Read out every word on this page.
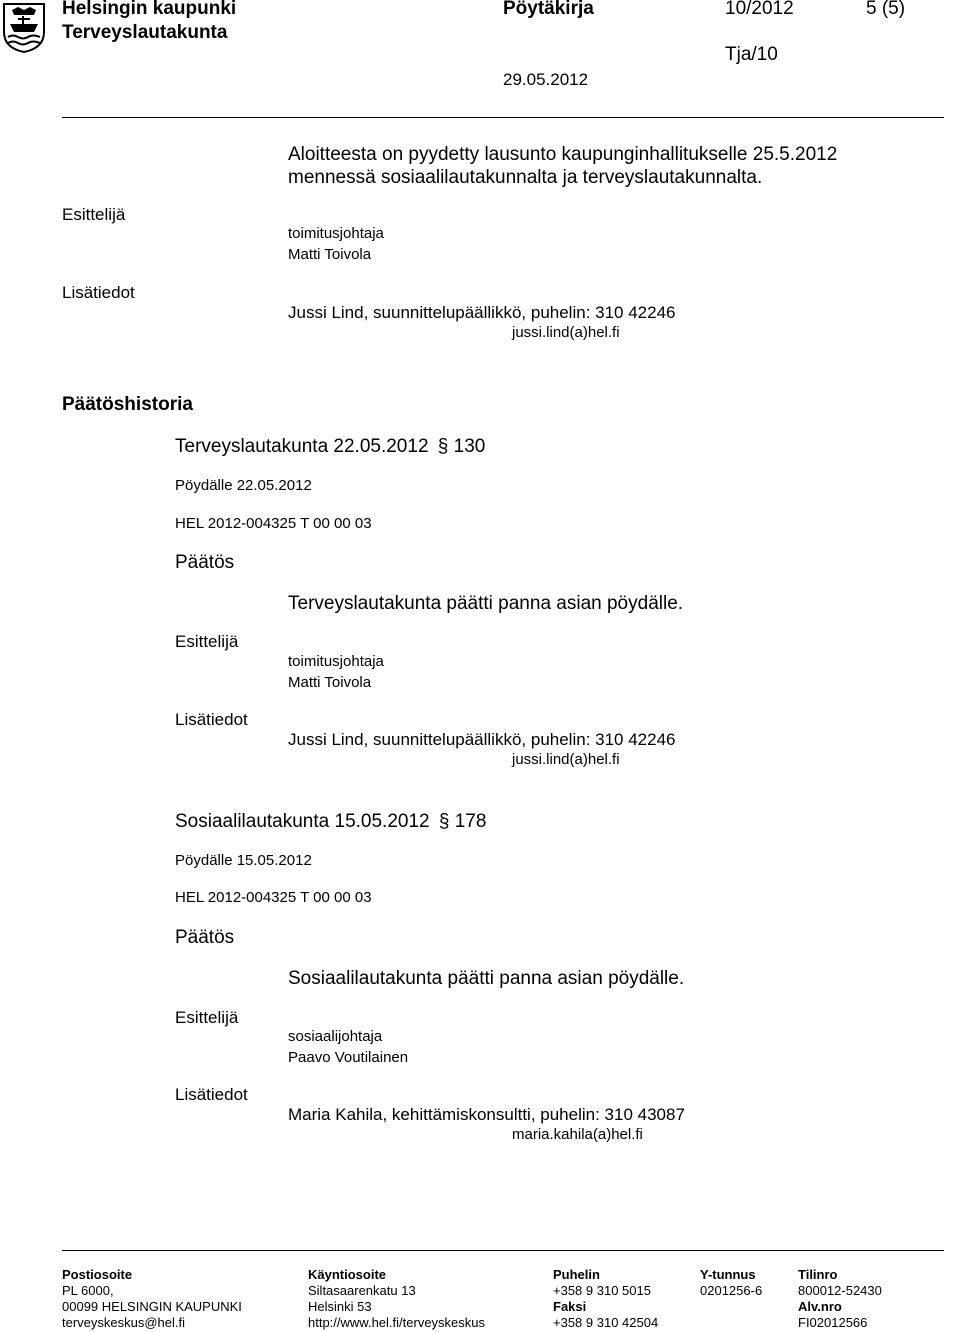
Helsingin kaupunki
Terveyslautakunta
Pöytäkirja	10/2012	5 (5)
Tja/10
29.05.2012
Aloitteesta on pyydetty lausunto kaupunginhallitukselle 25.5.2012
mennessä sosiaalilautakunnalta ja terveyslautakunnalta.
Esittelijä
toimitusjohtaja
Matti Toivola
Lisätiedot
Jussi Lind, suunnittelupäällikkö, puhelin: 310 42246
jussi.lind(a)hel.fi
Päätöshistoria
Terveyslautakunta 22.05.2012 § 130
Pöydälle 22.05.2012
HEL 2012-004325 T 00 00 03
Päätös
Terveyslautakunta päätti panna asian pöydälle.
Esittelijä
toimitusjohtaja
Matti Toivola
Lisätiedot
Jussi Lind, suunnittelupäällikkö, puhelin: 310 42246
jussi.lind(a)hel.fi
Sosiaalilautakunta 15.05.2012 § 178
Pöydälle 15.05.2012
HEL 2012-004325 T 00 00 03
Päätös
Sosiaalilautakunta päätti panna asian pöydälle.
Esittelijä
sosiaalijohtaja
Paavo Voutilainen
Lisätiedot
Maria Kahila, kehittämiskonsultti, puhelin: 310 43087
maria.kahila(a)hel.fi
Postiosoite
PL 6000,
00099 HELSINGIN KAUPUNKI
terveyskeskus@hel.fi
Käyntiosoite
Siltasaarenkatu 13
Helsinki 53
http://www.hel.fi/terveyskeskus
Puhelin
+358 9 310 5015
Faksi
+358 9 310 42504
Y-tunnus
0201256-6
Tilinro
800012-52430
Alv.nro
FI02012566
